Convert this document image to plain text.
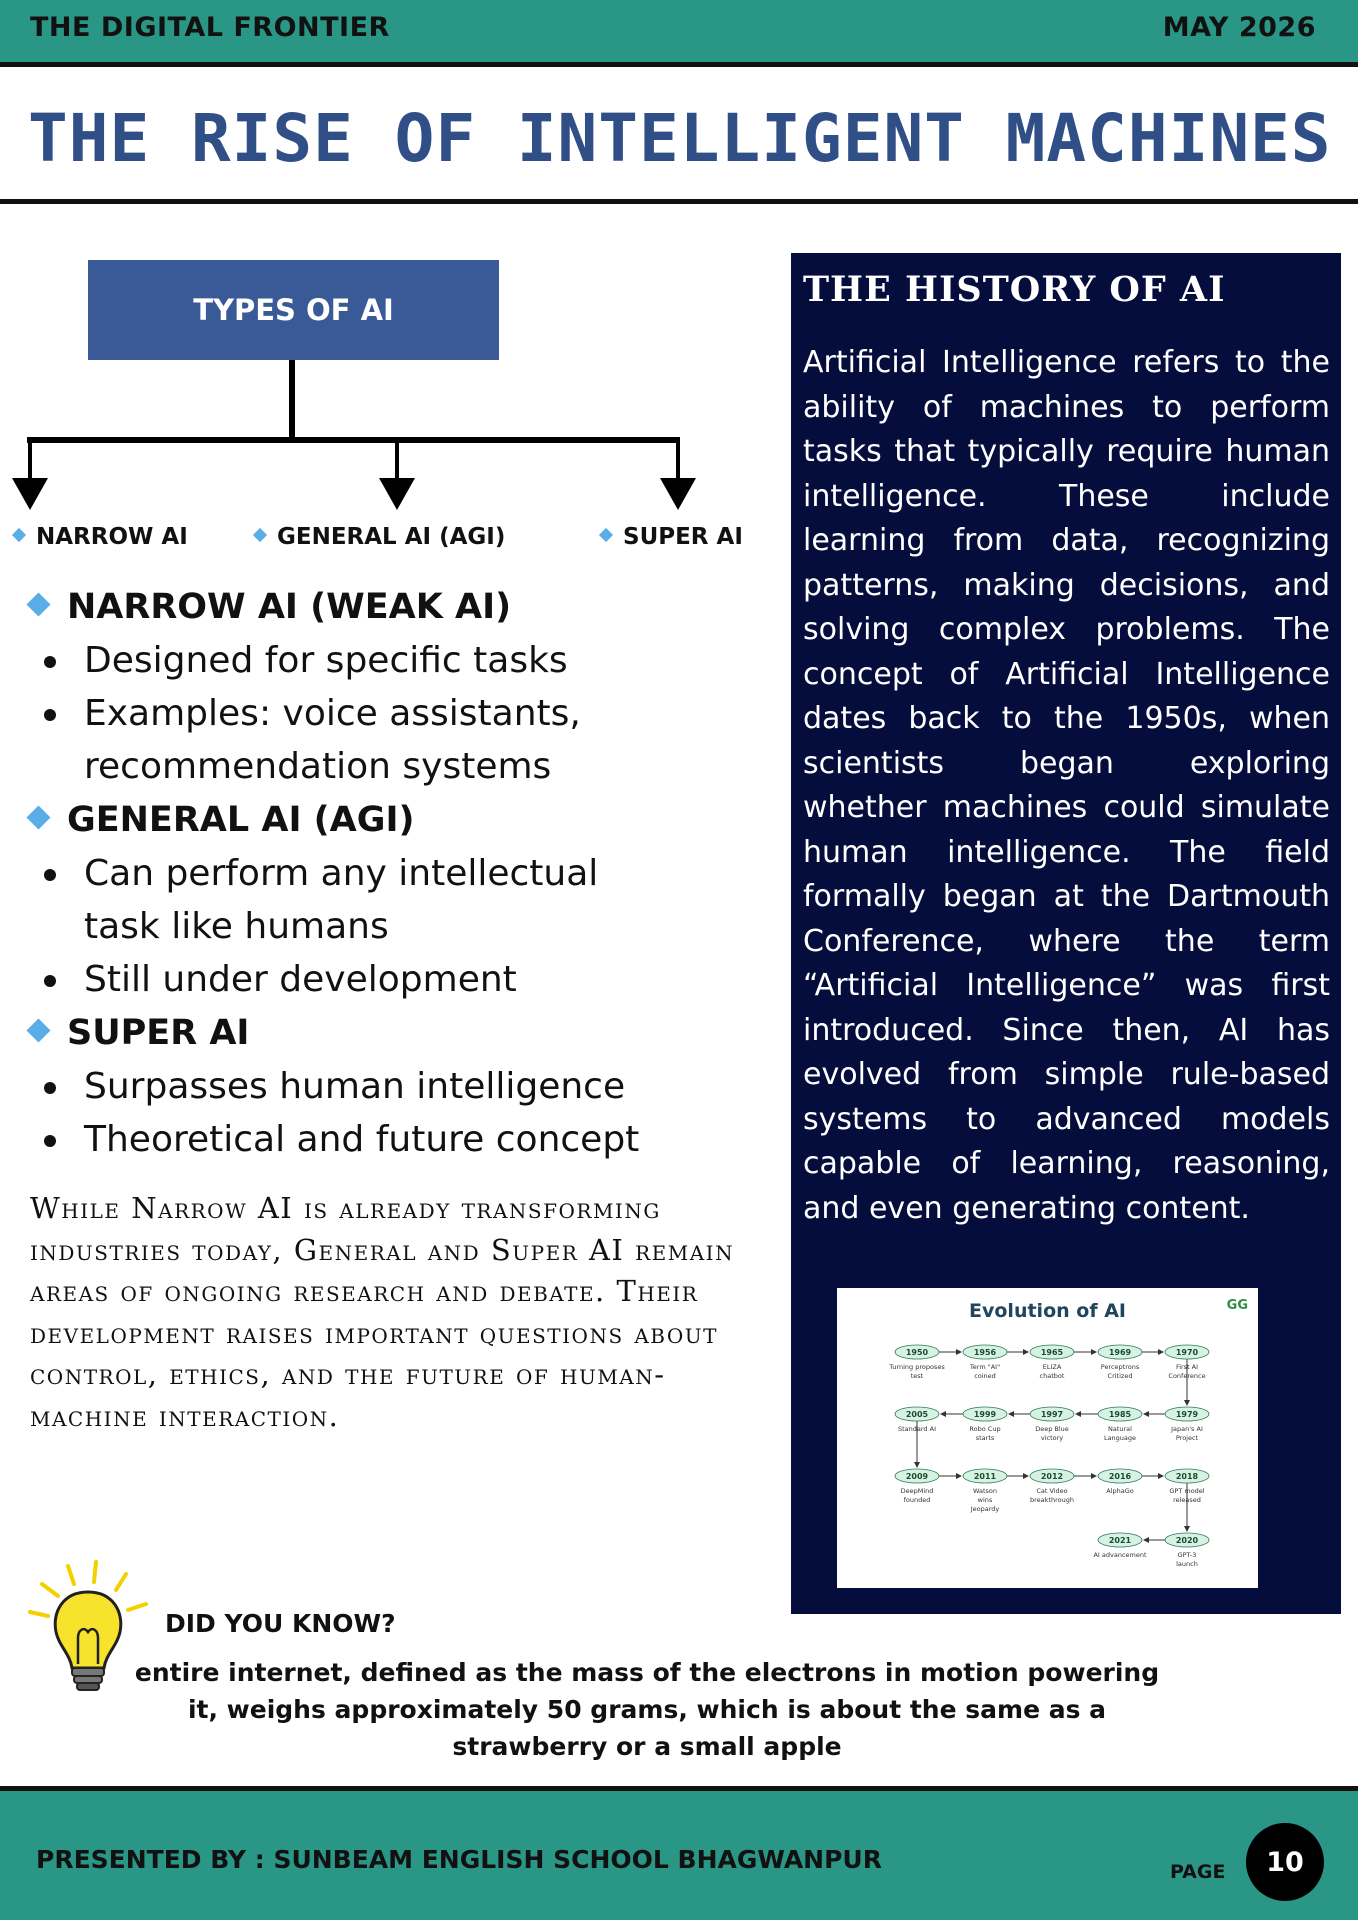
THE DIGITAL FRONTIER	MAY 2026
THE RISE OF INTELLIGENT MACHINES
TYPES OF AI
NARROW AI	GENERAL AI (AGI)	SUPER AI
NARROW AI (WEAK AI)
Designed for specific tasks
Examples: voice assistants, recommendation systems
GENERAL AI (AGI)
Can perform any intellectual task like humans
Still under development
SUPER AI
Surpasses human intelligence
Theoretical and future concept

While Narrow AI is already transforming industries today, General and Super AI remain areas of ongoing research and debate. Their development raises important questions about control, ethics, and the future of human-machine interaction.

THE HISTORY OF AI

Artificial Intelligence refers to the ability of machines to perform tasks that typically require human intelligence. These include learning from data, recognizing patterns, making decisions, and solving complex problems. The concept of Artificial Intelligence dates back to the 1950s, when scientists began exploring whether machines could simulate human intelligence. The field formally began at the Dartmouth Conference, where the term “Artificial Intelligence” was first introduced. Since then, AI has evolved from simple rule-based systems to advanced models capable of learning, reasoning, and even generating content.

1950
Turning proposes
test
1956
Term "AI"
coined
1965
ELIZA
chatbot
1969
Perceptrons
Critized
1970
First AI
Conference
2005
Standard AI
1999
Robo Cup
starts
1997
Deep Blue
victory
1985
Natural
Language
1979
Japan's AI
Project
2009
DeepMind
founded
2011
Watson
wins
Jeopardy
2012
Cat Video
breakthrough
2016
AlphaGo
2018
GPT model
released
2021
AI advancement
2020
GPT-3
launch
Evolution of AI	GG
DID YOU KNOW?

entire internet, defined as the mass of the electrons in motion powering it, weighs approximately 50 grams, which is about the same as a strawberry or a small apple

PRESENTED BY : SUNBEAM ENGLISH SCHOOL BHAGWANPUR	PAGE	10
